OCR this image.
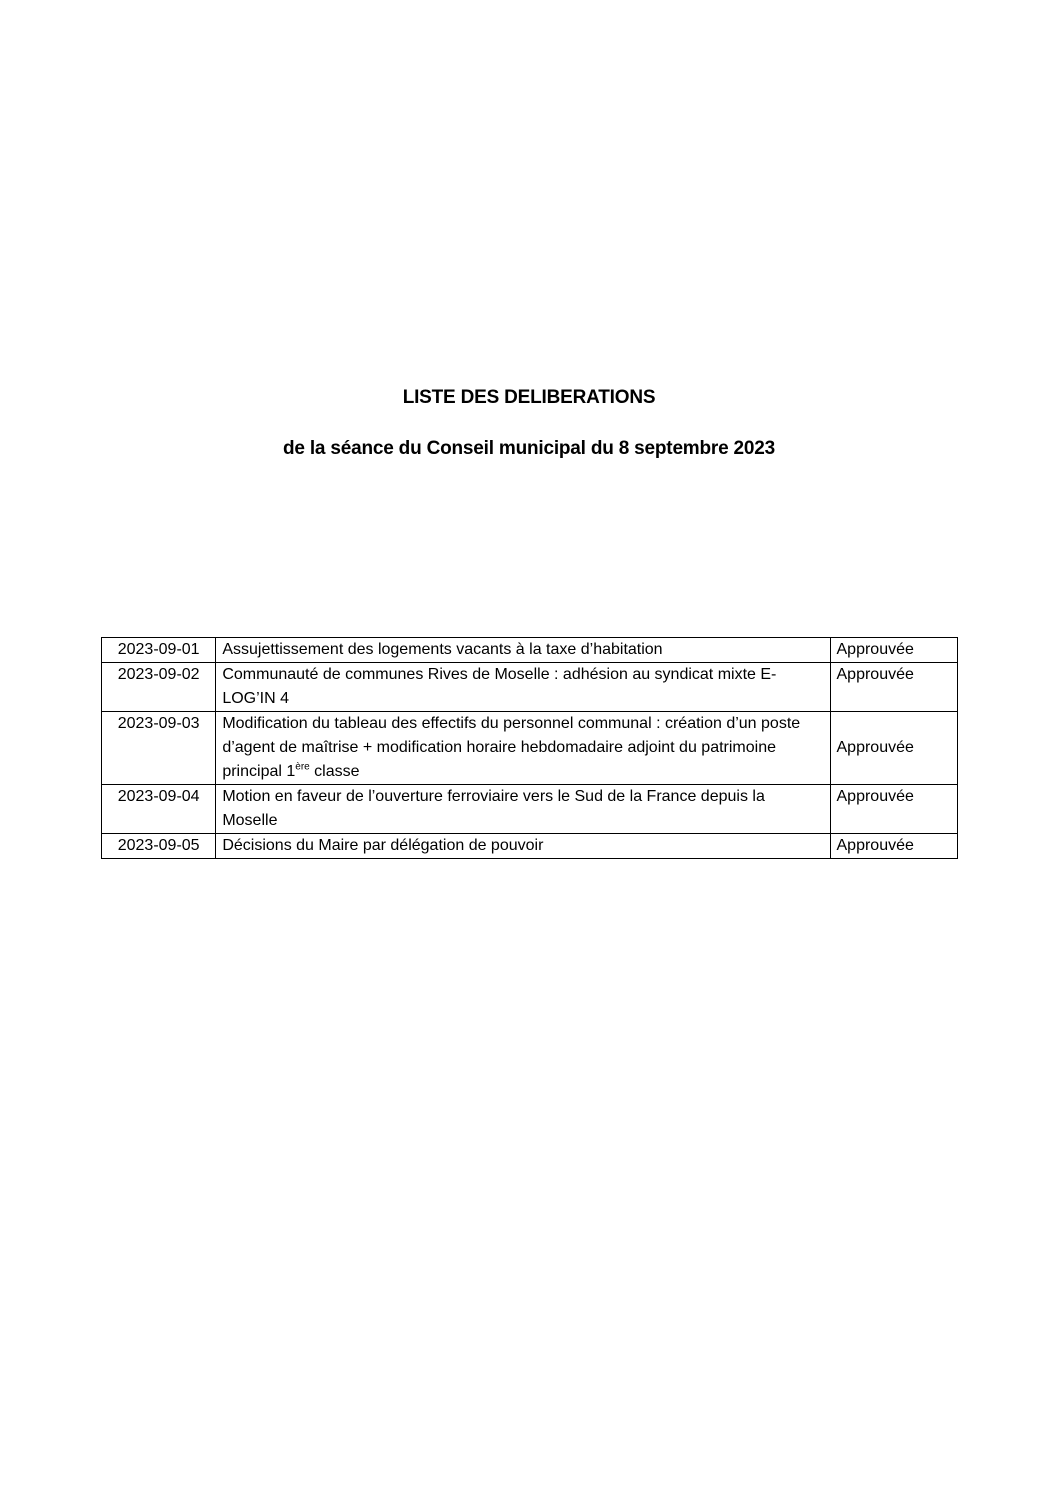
LISTE DES DELIBERATIONS
de la séance du Conseil municipal du 8 septembre 2023
2023-09-01	Assujettissement des logements vacants à la taxe d’habitation	Approuvée
2023-09-02	Communauté de communes Rives de Moselle : adhésion au syndicat mixte E-LOG’IN 4	Approuvée
2023-09-03	Modification du tableau des effectifs du personnel communal : création d’un poste d’agent de maîtrise + modification horaire hebdomadaire adjoint du patrimoine principal 1ère classe	Approuvée
2023-09-04	Motion en faveur de l’ouverture ferroviaire vers le Sud de la France depuis la Moselle	Approuvée
2023-09-05	Décisions du Maire par délégation de pouvoir	Approuvée
